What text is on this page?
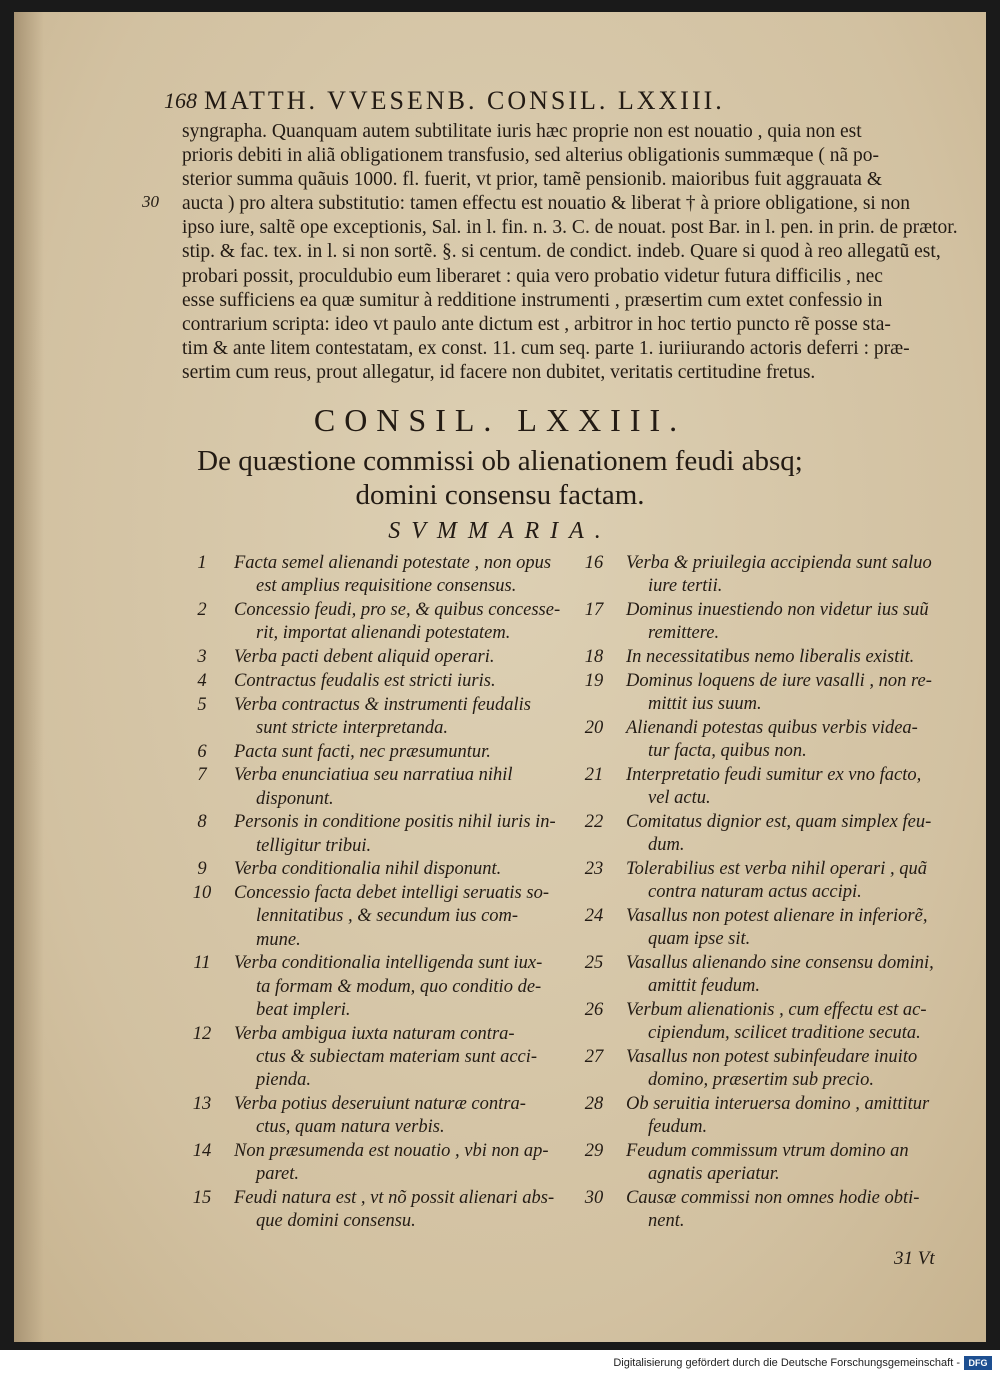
168 MATTH. VVESENB. CONSIL. LXXIII.
syngrapha. Quanquam autem subtilitate iuris hæc proprie non est nouatio , quia non est
prioris debiti in aliã obligationem transfusio, sed alterius obligationis summæque ( nã po-
sterior summa quãuis 1000. fl. fuerit, vt prior, tamẽ pensionib. maioribus fuit aggrauata &
aucta ) pro altera substitutio: tamen effectu est nouatio & liberat † à priore obligatione, si non
ipso iure, saltẽ ope exceptionis, Sal. in l. fin. n. 3. C. de nouat. post Bar. in l. pen. in prin. de prætor.
stip. & fac. tex. in l. si non sortẽ. §. si centum. de condict. indeb. Quare si quod à reo allegatũ est,
probari possit, proculdubio eum liberaret : quia vero probatio videtur futura difficilis , nec
esse sufficiens ea quæ sumitur à redditione instrumenti , præsertim cum extet confessio in
contrarium scripta: ideo vt paulo ante dictum est , arbitror in hoc tertio puncto rẽ posse sta-
tim & ante litem contestatam, ex const. 11. cum seq. parte 1. iuriiurando actoris deferri : præ-
sertim cum reus, prout allegatur, id facere non dubitet, veritatis certitudine fretus.
30
CONSIL. LXXIII.
De quæstione commissi ob alienationem feudi absq;
domini consensu factam.
SVMMARIA.
1	Facta semel alienandi potestate , non opus
est amplius requisitione consensus.
2	Concessio feudi, pro se, & quibus concesse-
rit, importat alienandi potestatem.
3	Verba pacti debent aliquid operari.
4	Contractus feudalis est stricti iuris.
5	Verba contractus & instrumenti feudalis
sunt stricte interpretanda.
6	Pacta sunt facti, nec præsumuntur.
7	Verba enunciatiua seu narratiua nihil
disponunt.
8	Personis in conditione positis nihil iuris in-
telligitur tribui.
9	Verba conditionalia nihil disponunt.
10	Concessio facta debet intelligi seruatis so-
lennitatibus , & secundum ius com-
mune.
11	Verba conditionalia intelligenda sunt iux-
ta formam & modum, quo conditio de-
beat impleri.
12	Verba ambigua iuxta naturam contra-
ctus & subiectam materiam sunt acci-
pienda.
13	Verba potius deseruiunt naturæ contra-
ctus, quam natura verbis.
14	Non præsumenda est nouatio , vbi non ap-
paret.
15	Feudi natura est , vt nõ possit alienari abs-
que domini consensu.
16	Verba & priuilegia accipienda sunt saluo
iure tertii.
17	Dominus inuestiendo non videtur ius suũ
remittere.
18	In necessitatibus nemo liberalis existit.
19	Dominus loquens de iure vasalli , non re-
mittit ius suum.
20	Alienandi potestas quibus verbis videa-
tur facta, quibus non.
21	Interpretatio feudi sumitur ex vno facto,
vel actu.
22	Comitatus dignior est, quam simplex feu-
dum.
23	Tolerabilius est verba nihil operari , quã
contra naturam actus accipi.
24	Vasallus non potest alienare in inferiorẽ,
quam ipse sit.
25	Vasallus alienando sine consensu domini,
amittit feudum.
26	Verbum alienationis , cum effectu est ac-
cipiendum, scilicet traditione secuta.
27	Vasallus non potest subinfeudare inuito
domino, præsertim sub precio.
28	Ob seruitia interuersa domino , amittitur
feudum.
29	Feudum commissum vtrum domino an
agnatis aperiatur.
30	Causæ commissi non omnes hodie obti-
nent.
31 Vt
Digitalisierung gefördert durch die Deutsche Forschungsgemeinschaft - DFG
